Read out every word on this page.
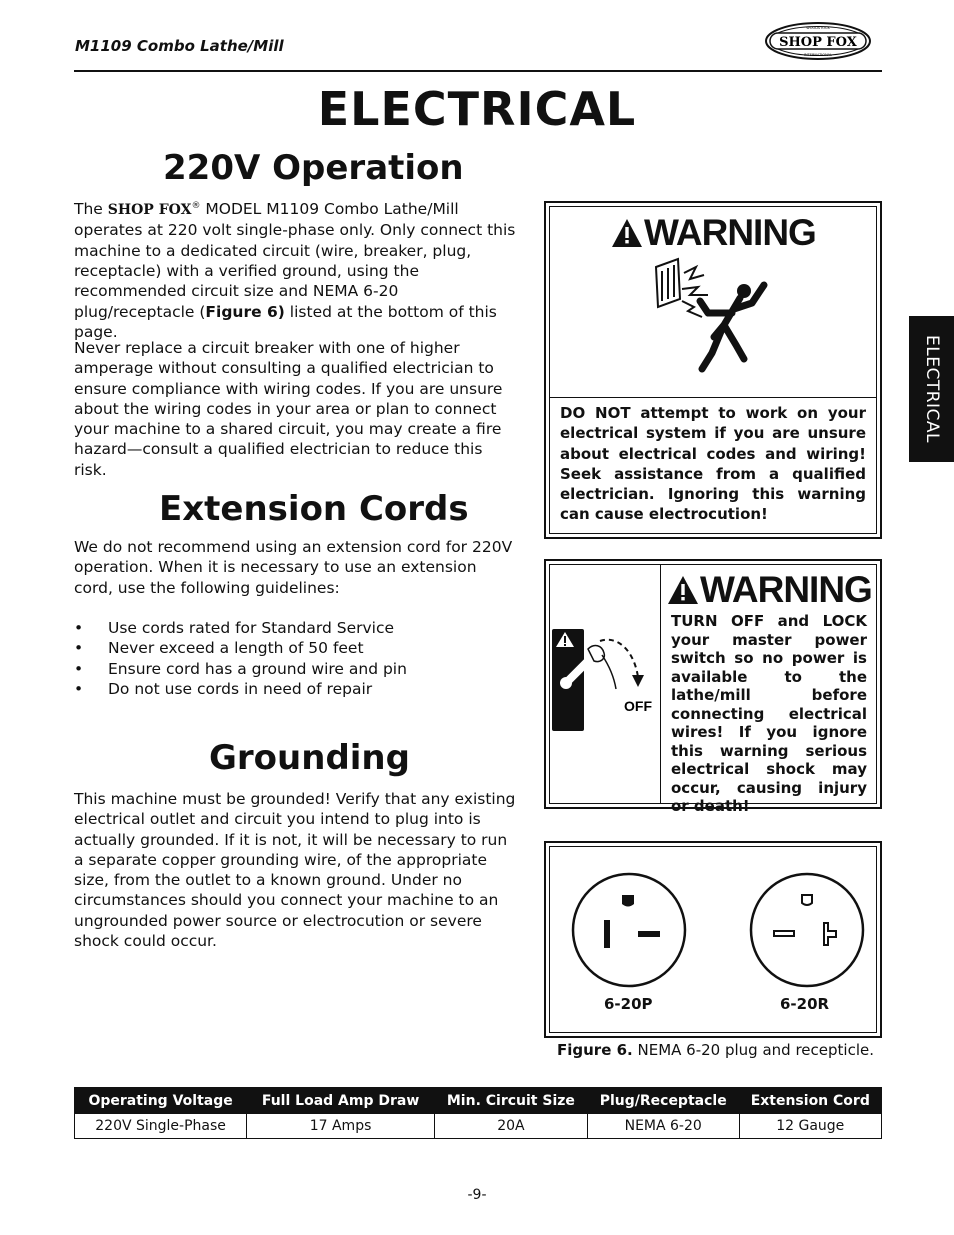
M1109 Combo Lathe/Mill	SHOP FOX
WOODSTOCK
INTERNATIONAL
ELECTRICAL
220V Operation

The SHOP FOX® MODEL M1109 Combo Lathe/Mill operates at 220 volt single-phase only. Only connect this machine to a dedicated circuit (wire, breaker, plug, receptacle) with a verified ground, using the recommended circuit size and NEMA 6-20 plug/receptacle (Figure 6) listed at the bottom of this page.

Never replace a circuit breaker with one of higher amperage without consulting a qualified electrician to ensure compliance with wiring codes. If you are unsure about the wiring codes in your area or plan to connect your machine to a shared circuit, you may create a fire hazard—consult a qualified electrician to reduce this risk.

Extension Cords

We do not recommend using an extension cord for 220V operation. When it is necessary to use an extension cord, use the following guidelines:

• Use cords rated for Standard Service
• Never exceed a length of 50 feet
• Ensure cord has a ground wire and pin
• Do not use cords in need of repair
Grounding

This machine must be grounded! Verify that any existing electrical outlet and circuit you intend to plug into is actually grounded. If it is not, it will be necessary to run a separate copper grounding wire, of the appropriate size, from the outlet to a known ground. Under no circumstances should you connect your machine to an ungrounded power source or electrocution or severe shock could occur.

WARNING

DO NOT attempt to work on your electrical system if you are unsure about electrical codes and wiring! Seek assistance from a qualified electrician. Ignoring this warning can cause electrocution!

OFF
WARNING

TURN OFF and LOCK your master power switch so no power is available to the lathe/mill before connecting electrical wires! If you ignore this warning serious electrical shock may occur, causing injury or death!

6-20P	6-20R
Figure 6. NEMA 6-20 plug and recepticle.
Operating Voltage	Full Load Amp Draw	Min. Circuit Size	Plug/Receptacle	Extension Cord
220V Single-Phase	17 Amps	20A	NEMA 6-20	12 Gauge
ELECTRICAL
-9-
